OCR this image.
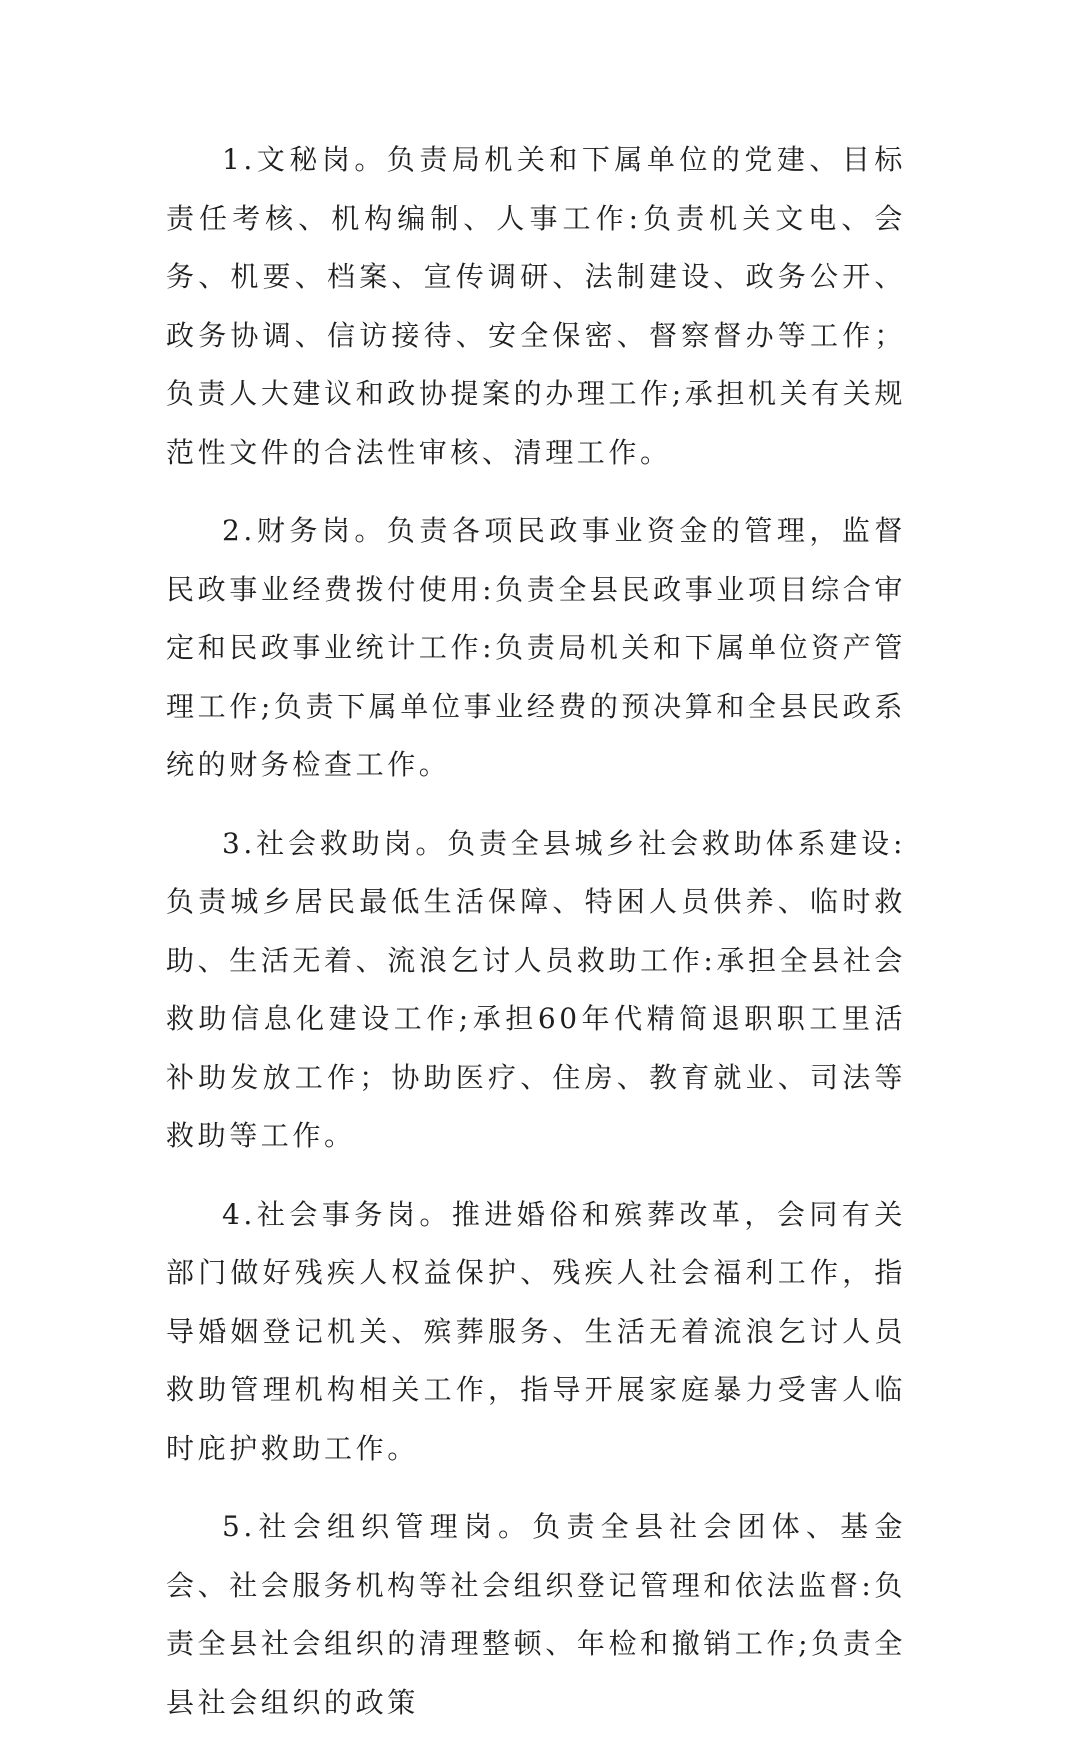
1.文秘岗。负责局机关和下属单位的党建、目标责任考核、机构编制、人事工作:负责机关文电、会务、机要、档案、宣传调研、法制建设、政务公开、政务协调、信访接待、安全保密、督察督办等工作；负责人大建议和政协提案的办理工作;承担机关有关规范性文件的合法性审核、清理工作。

2.财务岗。负责各项民政事业资金的管理，监督民政事业经费拨付使用:负责全县民政事业项目综合审定和民政事业统计工作:负责局机关和下属单位资产管理工作;负责下属单位事业经费的预决算和全县民政系统的财务检查工作。

3.社会救助岗。负责全县城乡社会救助体系建设:负责城乡居民最低生活保障、特困人员供养、临时救助、生活无着、流浪乞讨人员救助工作:承担全县社会救助信息化建设工作;承担60年代精简退职职工里活补助发放工作；协助医疗、住房、教育就业、司法等救助等工作。

4.社会事务岗。推进婚俗和殡葬改革，会同有关部门做好残疾人权益保护、残疾人社会福利工作，指导婚姻登记机关、殡葬服务、生活无着流浪乞讨人员救助管理机构相关工作，指导开展家庭暴力受害人临时庇护救助工作。

5.社会组织管理岗。负责全县社会团体、基金会、社会服务机构等社会组织登记管理和依法监督:负责全县社会组织的清理整顿、年检和撤销工作;负责全县社会组织的政策
